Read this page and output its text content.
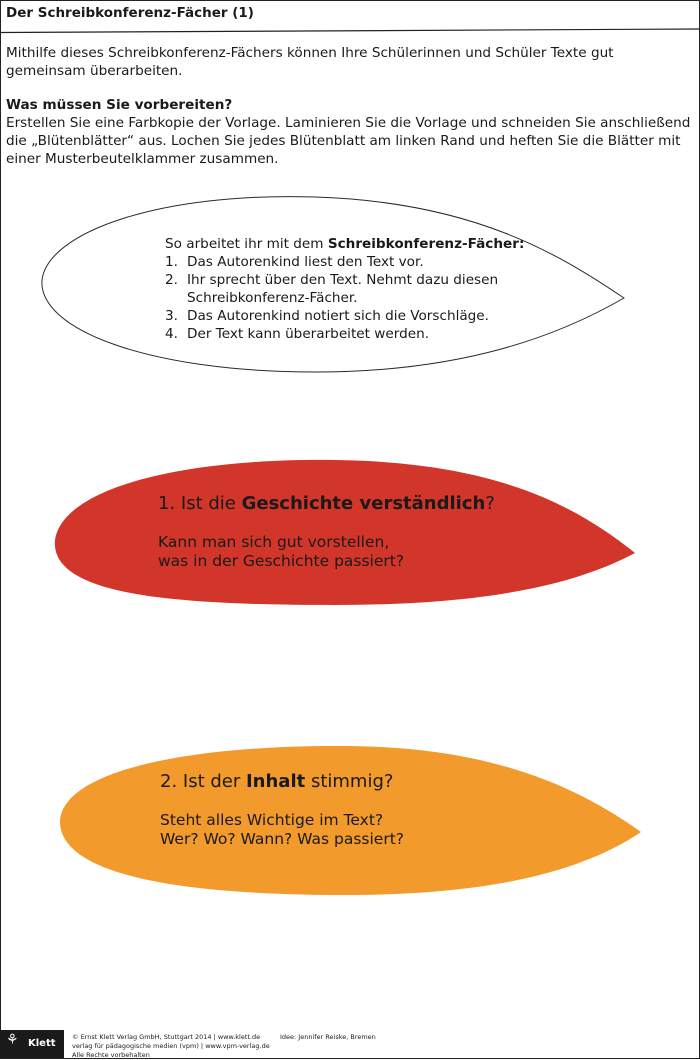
Der Schreibkonferenz-Fächer (1)

Mithilfe dieses Schreibkonferenz-Fächers können Ihre Schülerinnen und Schüler Texte gut gemeinsam überarbeiten.

Was müssen Sie vorbereiten?

Erstellen Sie eine Farbkopie der Vorlage. Laminieren Sie die Vorlage und schneiden Sie anschließend die „Blütenblätter“ aus. Lochen Sie jedes Blütenblatt am linken Rand und heften Sie die Blätter mit einer Musterbeutelklammer zusammen.

So arbeitet ihr mit dem Schreibkonferenz-Fächer:
1. Das Autorenkind liest den Text vor.
2. Ihr sprecht über den Text. Nehmt dazu diesen Schreibkonferenz-Fächer.
3. Das Autorenkind notiert sich die Vorschläge.
4. Der Text kann überarbeitet werden.
1. Ist die Geschichte verständlich?
Kann man sich gut vorstellen,
was in der Geschichte passiert?
2. Ist der Inhalt stimmig?
Steht alles Wichtige im Text?
Wer? Wo? Wann? Was passiert?
⚘ Klett
© Ernst Klett Verlag GmbH, Stuttgart 2014 | www.klett.de
verlag für pädagogische medien (vpm) | www.vpm-verlag.de
Alle Rechte vorbehalten
Idee: Jennifer Reiske, Bremen
